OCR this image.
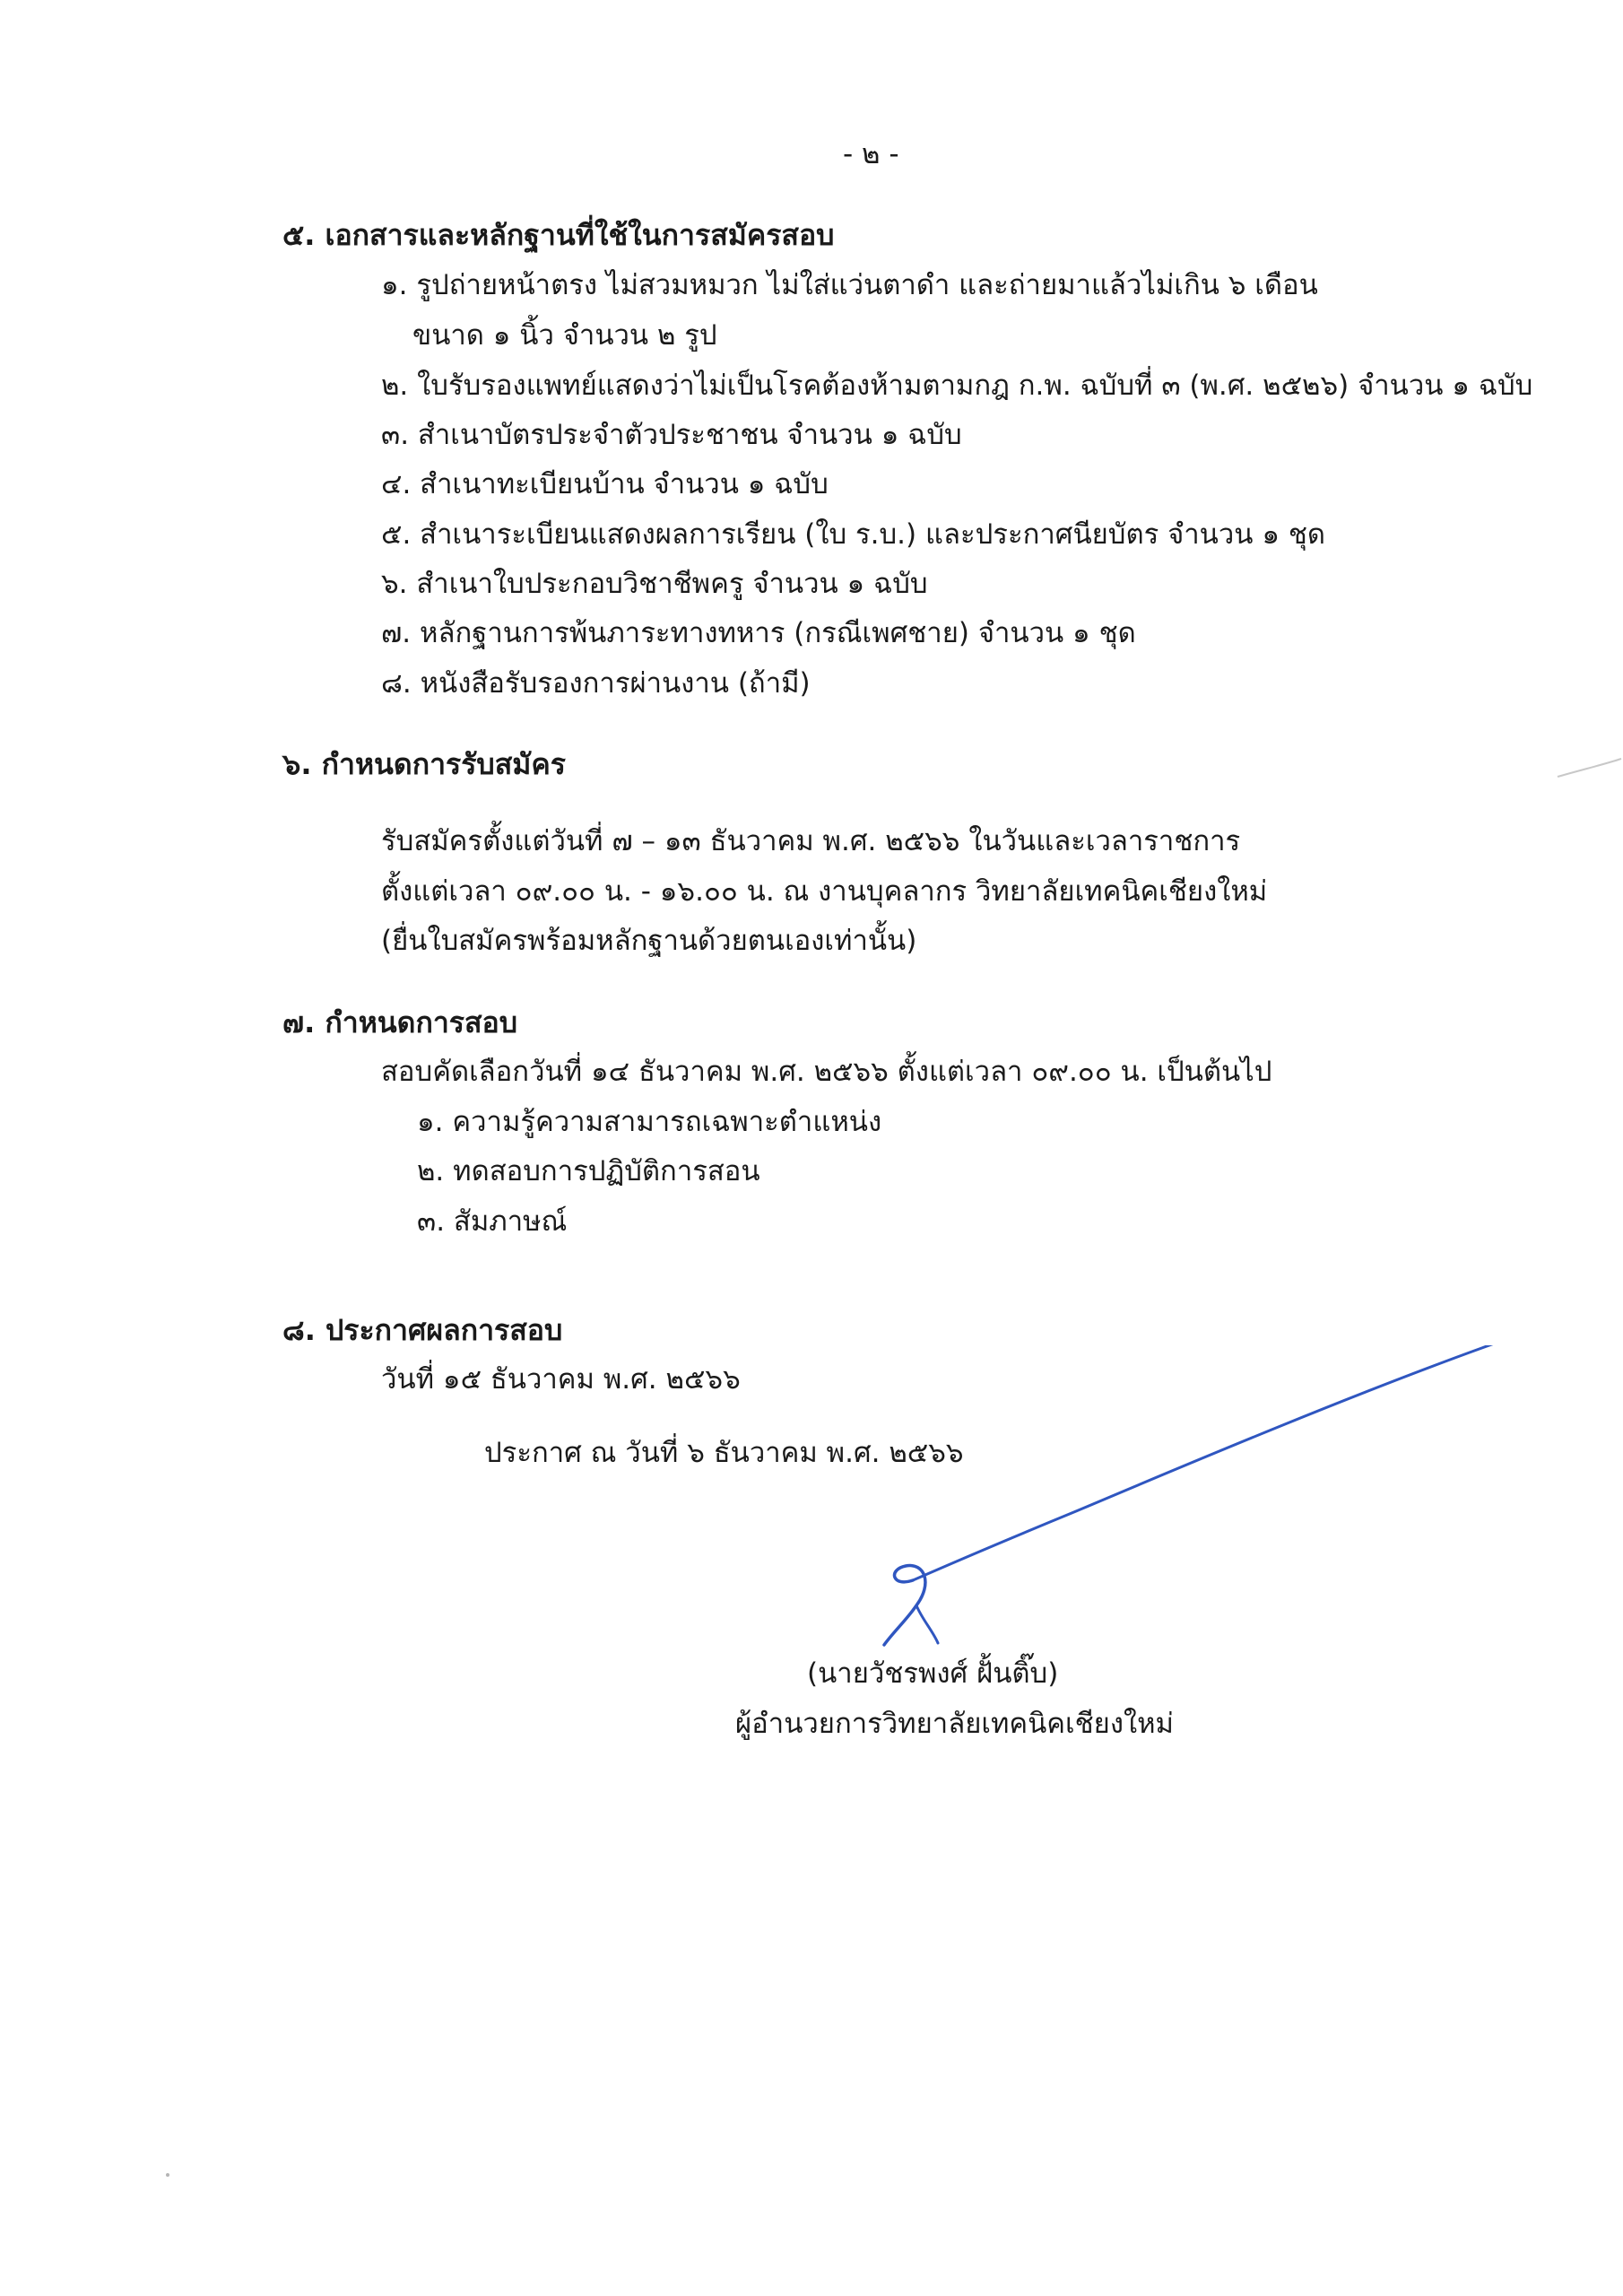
- ๒ -
๕. เอกสารและหลักฐานที่ใช้ในการสมัครสอบ
๑. รูปถ่ายหน้าตรง ไม่สวมหมวก ไม่ใส่แว่นตาดำ และถ่ายมาแล้วไม่เกิน ๖ เดือน
ขนาด ๑ นิ้ว จำนวน ๒ รูป
๒. ใบรับรองแพทย์แสดงว่าไม่เป็นโรคต้องห้ามตามกฎ ก.พ. ฉบับที่ ๓ (พ.ศ. ๒๕๒๖) จำนวน ๑ ฉบับ
๓. สำเนาบัตรประจำตัวประชาชน จำนวน ๑ ฉบับ
๔. สำเนาทะเบียนบ้าน จำนวน ๑ ฉบับ
๕. สำเนาระเบียนแสดงผลการเรียน (ใบ ร.บ.) และประกาศนียบัตร จำนวน ๑ ชุด
๖. สำเนาใบประกอบวิชาชีพครู จำนวน ๑ ฉบับ
๗. หลักฐานการพ้นภาระทางทหาร (กรณีเพศชาย) จำนวน ๑ ชุด
๘. หนังสือรับรองการผ่านงาน (ถ้ามี)
๖. กำหนดการรับสมัคร
รับสมัครตั้งแต่วันที่ ๗ – ๑๓ ธันวาคม พ.ศ. ๒๕๖๖ ในวันและเวลาราชการ
ตั้งแต่เวลา ๐๙.๐๐ น. - ๑๖.๐๐ น. ณ งานบุคลากร วิทยาลัยเทคนิคเชียงใหม่
(ยื่นใบสมัครพร้อมหลักฐานด้วยตนเองเท่านั้น)
๗. กำหนดการสอบ
สอบคัดเลือกวันที่ ๑๔ ธันวาคม พ.ศ. ๒๕๖๖ ตั้งแต่เวลา ๐๙.๐๐ น. เป็นต้นไป
๑. ความรู้ความสามารถเฉพาะตำแหน่ง
๒. ทดสอบการปฏิบัติการสอน
๓. สัมภาษณ์
๘. ประกาศผลการสอบ
วันที่ ๑๕ ธันวาคม พ.ศ. ๒๕๖๖
ประกาศ ณ วันที่ ๖ ธันวาคม พ.ศ. ๒๕๖๖
(นายวัชรพงศ์ ฝั้นติ๊บ)
ผู้อำนวยการวิทยาลัยเทคนิคเชียงใหม่
